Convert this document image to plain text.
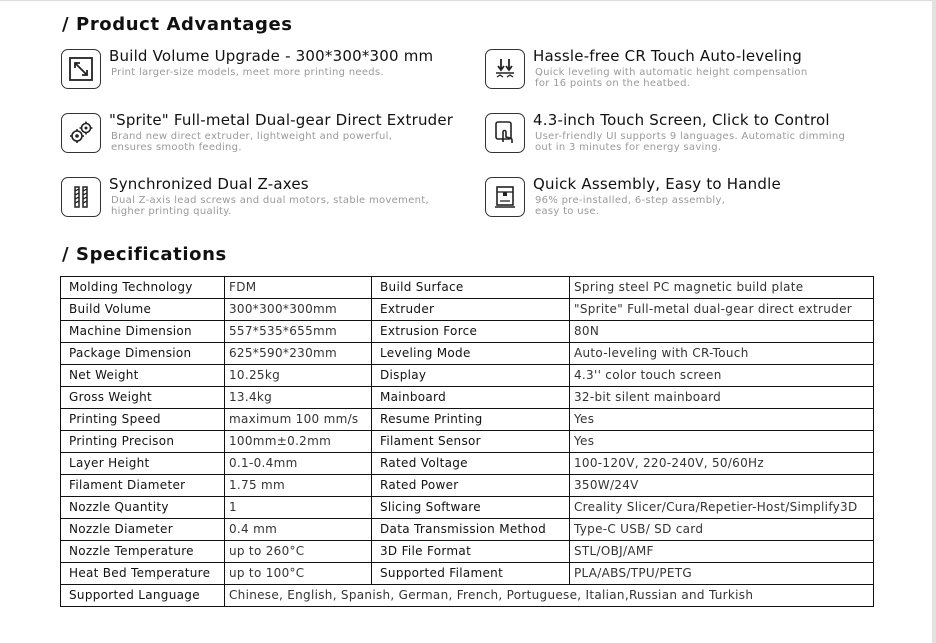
/ Product Advantages
Build Volume Upgrade - 300*300*300 mm
Print larger-size models, meet more printing needs.
Hassle-free CR Touch Auto-leveling
Quick leveling with automatic height compensation
for 16 points on the heatbed.
"Sprite" Full-metal Dual-gear Direct Extruder
Brand new direct extruder, lightweight and powerful,
ensures smooth feeding.
4.3-inch Touch Screen, Click to Control
User-friendly UI supports 9 languages. Automatic dimming
out in 3 minutes for energy saving.
Synchronized Dual Z-axes
Dual Z-axis lead screws and dual motors, stable movement,
higher printing quality.
Quick Assembly, Easy to Handle
96% pre-installed, 6-step assembly,
easy to use.
/ Specifications
Molding Technology	FDM	Build Surface	Spring steel PC magnetic build plate
Build Volume	300*300*300mm	Extruder	"Sprite" Full-metal dual-gear direct extruder
Machine Dimension	557*535*655mm	Extrusion Force	80N
Package Dimension	625*590*230mm	Leveling Mode	Auto-leveling with CR-Touch
Net Weight	10.25kg	Display	4.3'' color touch screen
Gross Weight	13.4kg	Mainboard	32-bit silent mainboard
Printing Speed	maximum 100 mm/s	Resume Printing	Yes
Printing Precison	100mm±0.2mm	Filament Sensor	Yes
Layer Height	0.1-0.4mm	Rated Voltage	100-120V, 220-240V, 50/60Hz
Filament Diameter	1.75 mm	Rated Power	350W/24V
Nozzle Quantity	1	Slicing Software	Creality Slicer/Cura/Repetier-Host/Simplify3D
Nozzle Diameter	0.4 mm	Data Transmission Method	Type-C USB/ SD card
Nozzle Temperature	up to 260°C	3D File Format	STL/OBJ/AMF
Heat Bed Temperature	up to 100°C	Supported Filament	PLA/ABS/TPU/PETG
Supported Language	Chinese, English, Spanish, German, French, Portuguese, Italian,Russian and Turkish		
